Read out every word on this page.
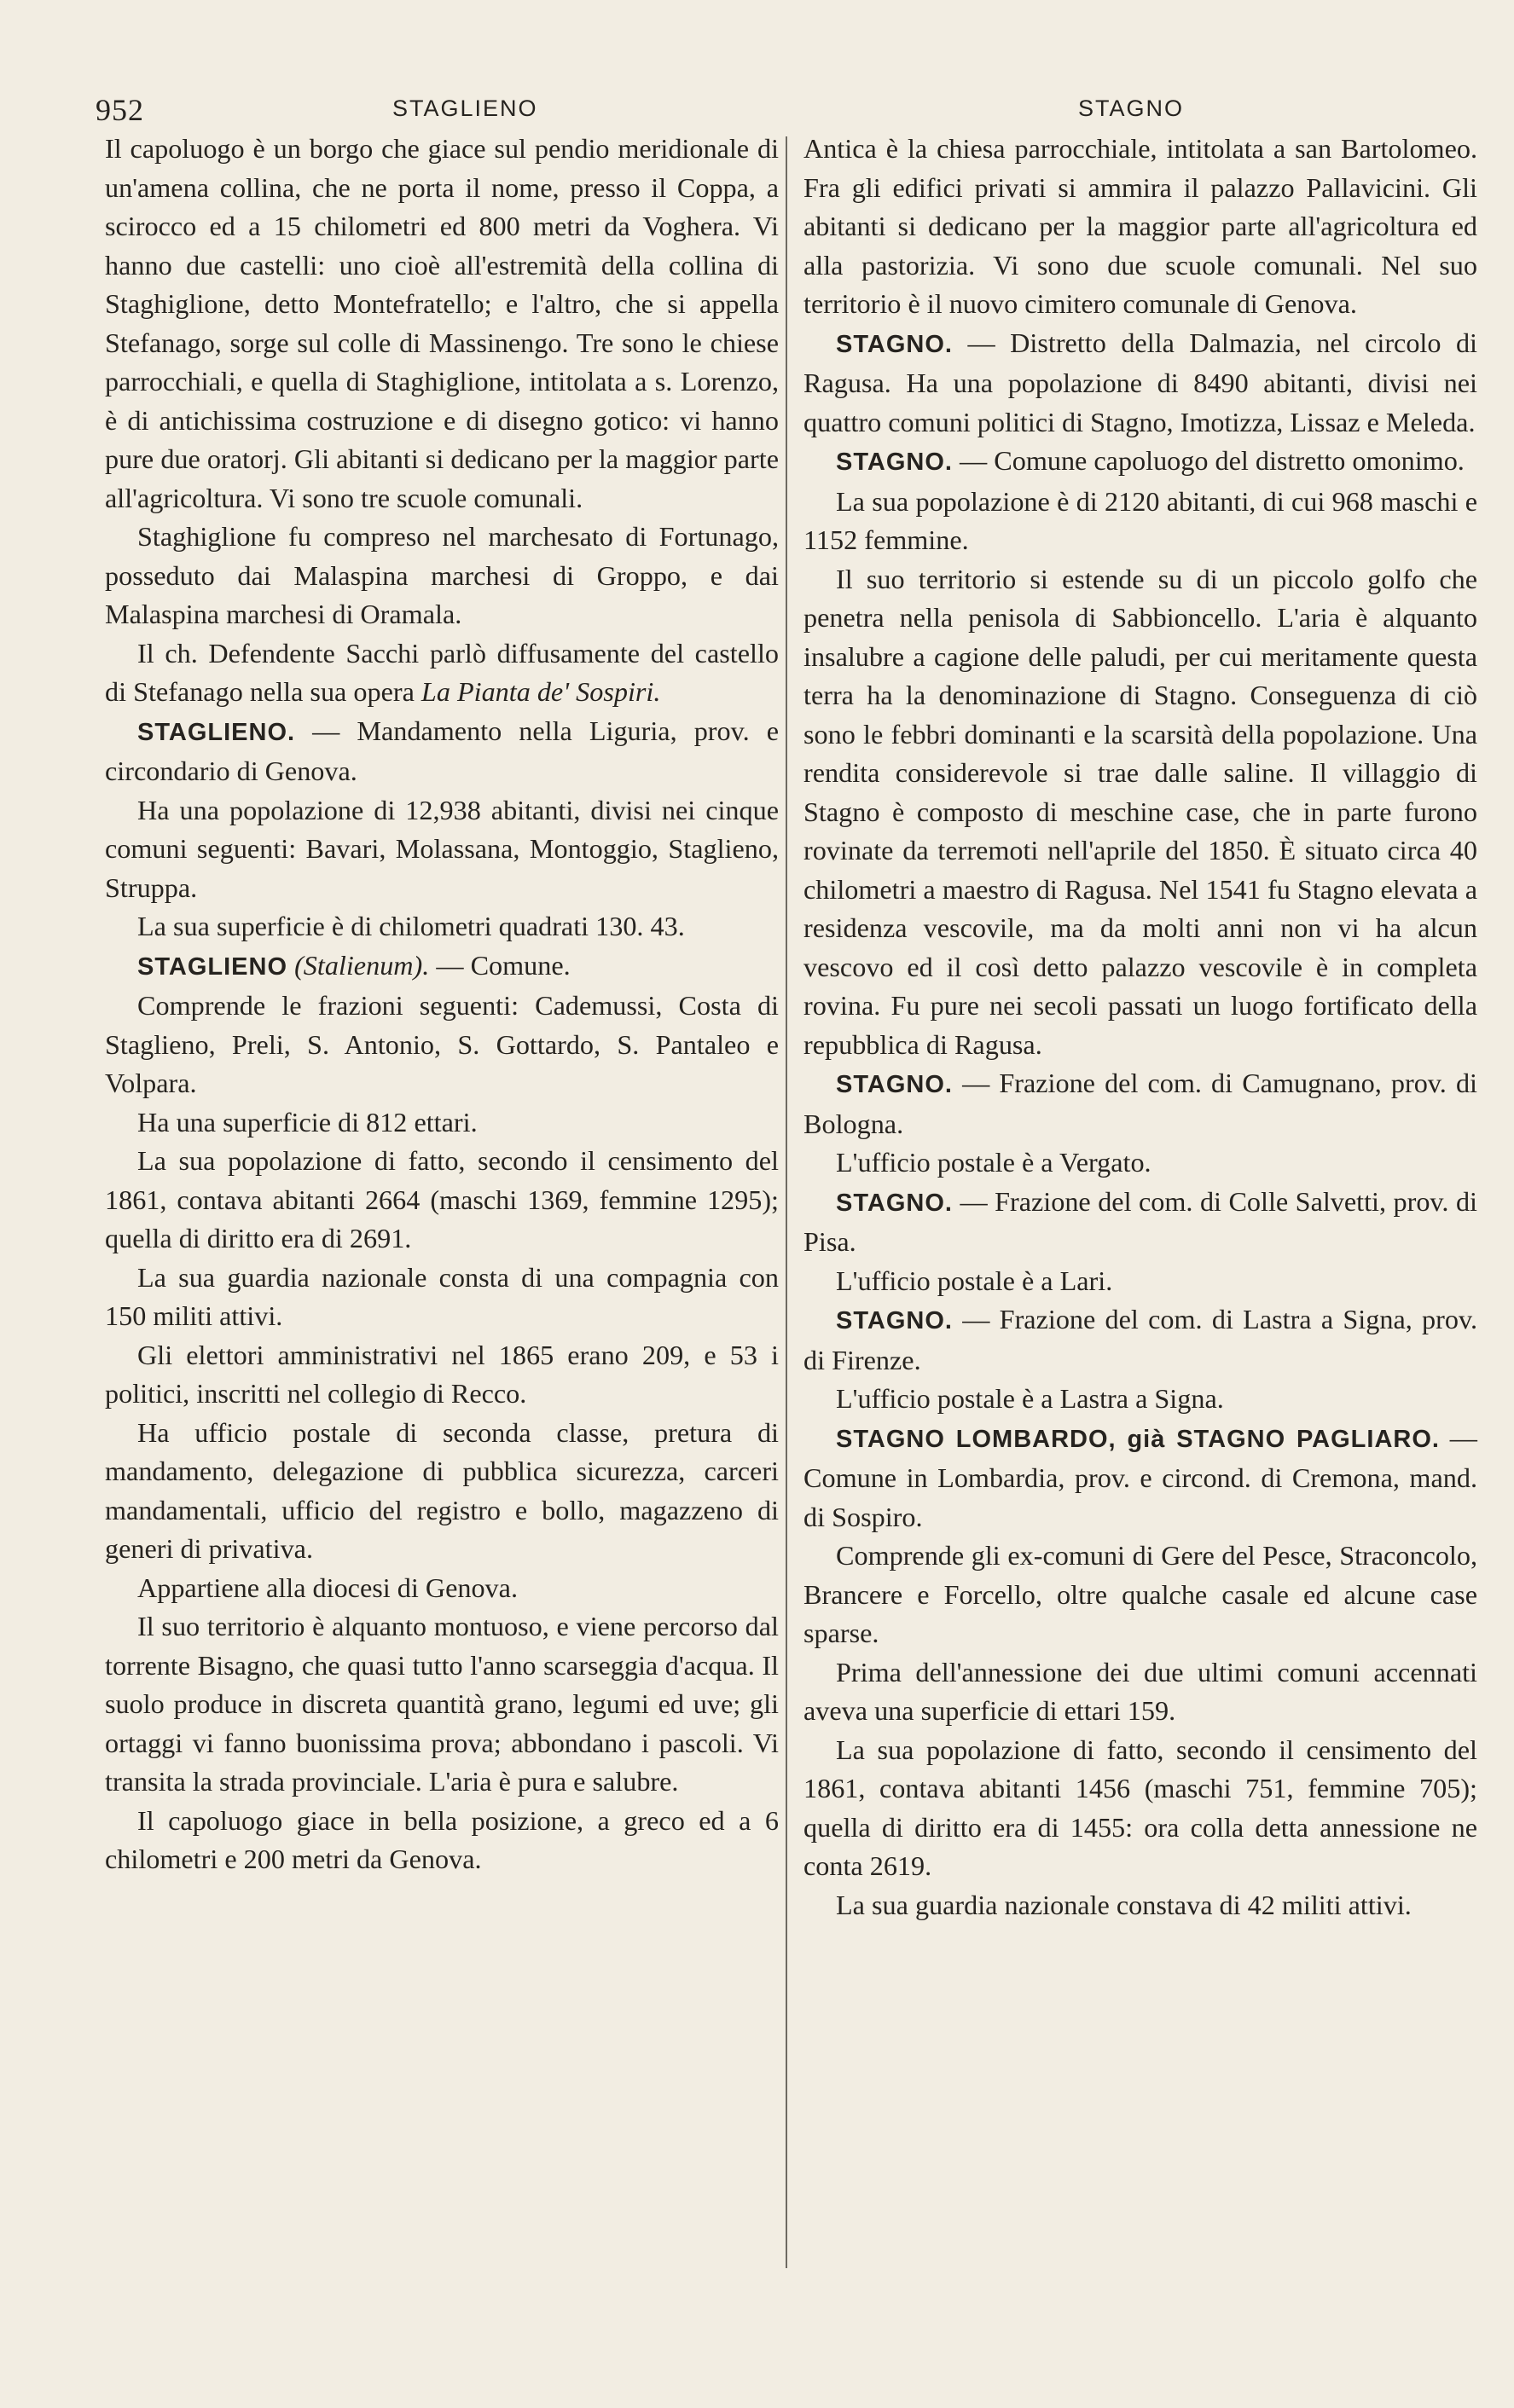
952	STAGLIENO	STAGNO

Il capoluogo è un borgo che giace sul pendio meridionale di un'amena collina, che ne porta il nome, presso il Coppa, a scirocco ed a 15 chilometri ed 800 metri da Voghera. Vi hanno due castelli: uno cioè all'estremità della collina di Staghiglione, detto Montefratello; e l'altro, che si appella Stefanago, sorge sul colle di Massinengo. Tre sono le chiese parrocchiali, e quella di Staghiglione, intitolata a s. Lorenzo, è di antichissima costruzione e di disegno gotico: vi hanno pure due oratorj. Gli abitanti si dedicano per la maggior parte all'agricoltura. Vi sono tre scuole comunali.

Staghiglione fu compreso nel marchesato di Fortunago, posseduto dai Malaspina marchesi di Groppo, e dai Malaspina marchesi di Oramala.

Il ch. Defendente Sacchi parlò diffusamente del castello di Stefanago nella sua opera La Pianta de' Sospiri.

STAGLIENO. — Mandamento nella Liguria, prov. e circondario di Genova.

Ha una popolazione di 12,938 abitanti, divisi nei cinque comuni seguenti: Bavari, Molassana, Montoggio, Staglieno, Struppa.

La sua superficie è di chilometri quadrati 130. 43.

STAGLIENO (Stalienum). — Comune.

Comprende le frazioni seguenti: Cademussi, Costa di Staglieno, Preli, S. Antonio, S. Gottardo, S. Pantaleo e Volpara.

Ha una superficie di 812 ettari.

La sua popolazione di fatto, secondo il censimento del 1861, contava abitanti 2664 (maschi 1369, femmine 1295); quella di diritto era di 2691.

La sua guardia nazionale consta di una compagnia con 150 militi attivi.

Gli elettori amministrativi nel 1865 erano 209, e 53 i politici, inscritti nel collegio di Recco.

Ha ufficio postale di seconda classe, pretura di mandamento, delegazione di pubblica sicurezza, carceri mandamentali, ufficio del registro e bollo, magazzeno di generi di privativa.

Appartiene alla diocesi di Genova.

Il suo territorio è alquanto montuoso, e viene percorso dal torrente Bisagno, che quasi tutto l'anno scarseggia d'acqua. Il suolo produce in discreta quantità grano, legumi ed uve; gli ortaggi vi fanno buonissima prova; abbondano i pascoli. Vi transita la strada provinciale. L'aria è pura e salubre.

Il capoluogo giace in bella posizione, a greco ed a 6 chilometri e 200 metri da Genova.

Antica è la chiesa parrocchiale, intitolata a san Bartolomeo. Fra gli edifici privati si ammira il palazzo Pallavicini. Gli abitanti si dedicano per la maggior parte all'agricoltura ed alla pastorizia. Vi sono due scuole comunali. Nel suo territorio è il nuovo cimitero comunale di Genova.

STAGNO. — Distretto della Dalmazia, nel circolo di Ragusa. Ha una popolazione di 8490 abitanti, divisi nei quattro comuni politici di Stagno, Imotizza, Lissaz e Meleda.

STAGNO. — Comune capoluogo del distretto omonimo.

La sua popolazione è di 2120 abitanti, di cui 968 maschi e 1152 femmine.

Il suo territorio si estende su di un piccolo golfo che penetra nella penisola di Sabbioncello. L'aria è alquanto insalubre a cagione delle paludi, per cui meritamente questa terra ha la denominazione di Stagno. Conseguenza di ciò sono le febbri dominanti e la scarsità della popolazione. Una rendita considerevole si trae dalle saline. Il villaggio di Stagno è composto di meschine case, che in parte furono rovinate da terremoti nell'aprile del 1850. È situato circa 40 chilometri a maestro di Ragusa. Nel 1541 fu Stagno elevata a residenza vescovile, ma da molti anni non vi ha alcun vescovo ed il così detto palazzo vescovile è in completa rovina. Fu pure nei secoli passati un luogo fortificato della repubblica di Ragusa.

STAGNO. — Frazione del com. di Camugnano, prov. di Bologna.

L'ufficio postale è a Vergato.

STAGNO. — Frazione del com. di Colle Salvetti, prov. di Pisa.

L'ufficio postale è a Lari.

STAGNO. — Frazione del com. di Lastra a Signa, prov. di Firenze.

L'ufficio postale è a Lastra a Signa.

STAGNO LOMBARDO, già STAGNO PAGLIARO. — Comune in Lombardia, prov. e circond. di Cremona, mand. di Sospiro.

Comprende gli ex-comuni di Gere del Pesce, Straconcolo, Brancere e Forcello, oltre qualche casale ed alcune case sparse.

Prima dell'annessione dei due ultimi comuni accennati aveva una superficie di ettari 159.

La sua popolazione di fatto, secondo il censimento del 1861, contava abitanti 1456 (maschi 751, femmine 705); quella di diritto era di 1455: ora colla detta annessione ne conta 2619.

La sua guardia nazionale constava di 42 militi attivi.
